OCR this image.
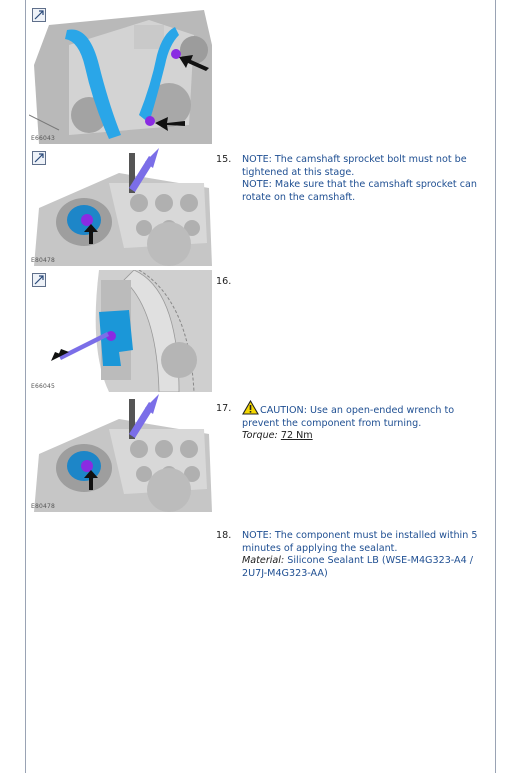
E66043
E80478
E66045
E80478
15.	NOTE: The camshaft sprocket bolt must not be tightened at this stage.
NOTE: Make sure that the camshaft sprocket can rotate on the camshaft.
16.
17.	CAUTION: Use an open-ended wrench to prevent the component from turning.
Torque: 72 Nm
18.	NOTE: The component must be installed within 5 minutes of applying the sealant.
Material: Silicone Sealant LB (WSE-M4G323-A4 / 2U7J-M4G323-AA)
